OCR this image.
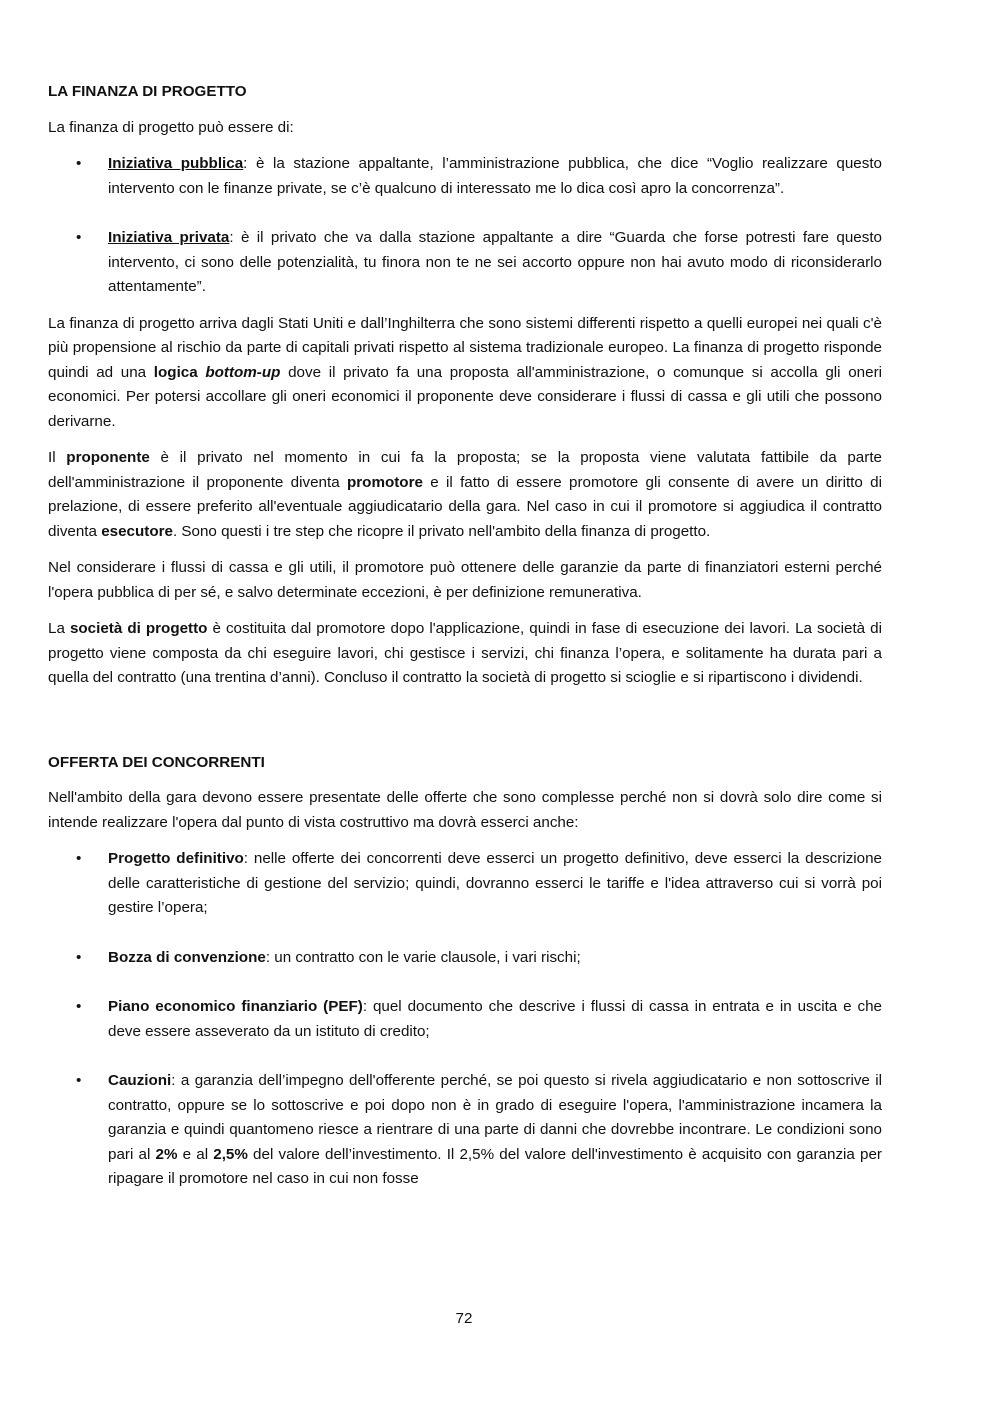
LA FINANZA DI PROGETTO

La finanza di progetto può essere di:

• Iniziativa pubblica: è la stazione appaltante, l’amministrazione pubblica, che dice “Voglio realizzare questo intervento con le finanze private, se c’è qualcuno di interessato me lo dica così apro la concorrenza”.
• Iniziativa privata: è il privato che va dalla stazione appaltante a dire “Guarda che forse potresti fare questo intervento, ci sono delle potenzialità, tu finora non te ne sei accorto oppure non hai avuto modo di riconsiderarlo attentamente”.

La finanza di progetto arriva dagli Stati Uniti e dall’Inghilterra che sono sistemi differenti rispetto a quelli europei nei quali c'è più propensione al rischio da parte di capitali privati rispetto al sistema tradizionale europeo. La finanza di progetto risponde quindi ad una logica bottom-up dove il privato fa una proposta all'amministrazione, o comunque si accolla gli oneri economici. Per potersi accollare gli oneri economici il proponente deve considerare i flussi di cassa e gli utili che possono derivarne.

Il proponente è il privato nel momento in cui fa la proposta; se la proposta viene valutata fattibile da parte dell'amministrazione il proponente diventa promotore e il fatto di essere promotore gli consente di avere un diritto di prelazione, di essere preferito all'eventuale aggiudicatario della gara. Nel caso in cui il promotore si aggiudica il contratto diventa esecutore. Sono questi i tre step che ricopre il privato nell'ambito della finanza di progetto.

Nel considerare i flussi di cassa e gli utili, il promotore può ottenere delle garanzie da parte di finanziatori esterni perché l'opera pubblica di per sé, e salvo determinate eccezioni, è per definizione remunerativa.

La società di progetto è costituita dal promotore dopo l'applicazione, quindi in fase di esecuzione dei lavori. La società di progetto viene composta da chi eseguire lavori, chi gestisce i servizi, chi finanza l’opera, e solitamente ha durata pari a quella del contratto (una trentina d’anni). Concluso il contratto la società di progetto si scioglie e si ripartiscono i dividendi.

OFFERTA DEI CONCORRENTI

Nell'ambito della gara devono essere presentate delle offerte che sono complesse perché non si dovrà solo dire come si intende realizzare l'opera dal punto di vista costruttivo ma dovrà esserci anche:

• Progetto definitivo: nelle offerte dei concorrenti deve esserci un progetto definitivo, deve esserci la descrizione delle caratteristiche di gestione del servizio; quindi, dovranno esserci le tariffe e l'idea attraverso cui si vorrà poi gestire l’opera;
• Bozza di convenzione: un contratto con le varie clausole, i vari rischi;
• Piano economico finanziario (PEF): quel documento che descrive i flussi di cassa in entrata e in uscita e che deve essere asseverato da un istituto di credito;
• Cauzioni: a garanzia dell’impegno dell'offerente perché, se poi questo si rivela aggiudicatario e non sottoscrive il contratto, oppure se lo sottoscrive e poi dopo non è in grado di eseguire l'opera, l'amministrazione incamera la garanzia e quindi quantomeno riesce a rientrare di una parte di danni che dovrebbe incontrare. Le condizioni sono pari al 2% e al 2,5% del valore dell’investimento. Il 2,5% del valore dell'investimento è acquisito con garanzia per ripagare il promotore nel caso in cui non fosse
72
